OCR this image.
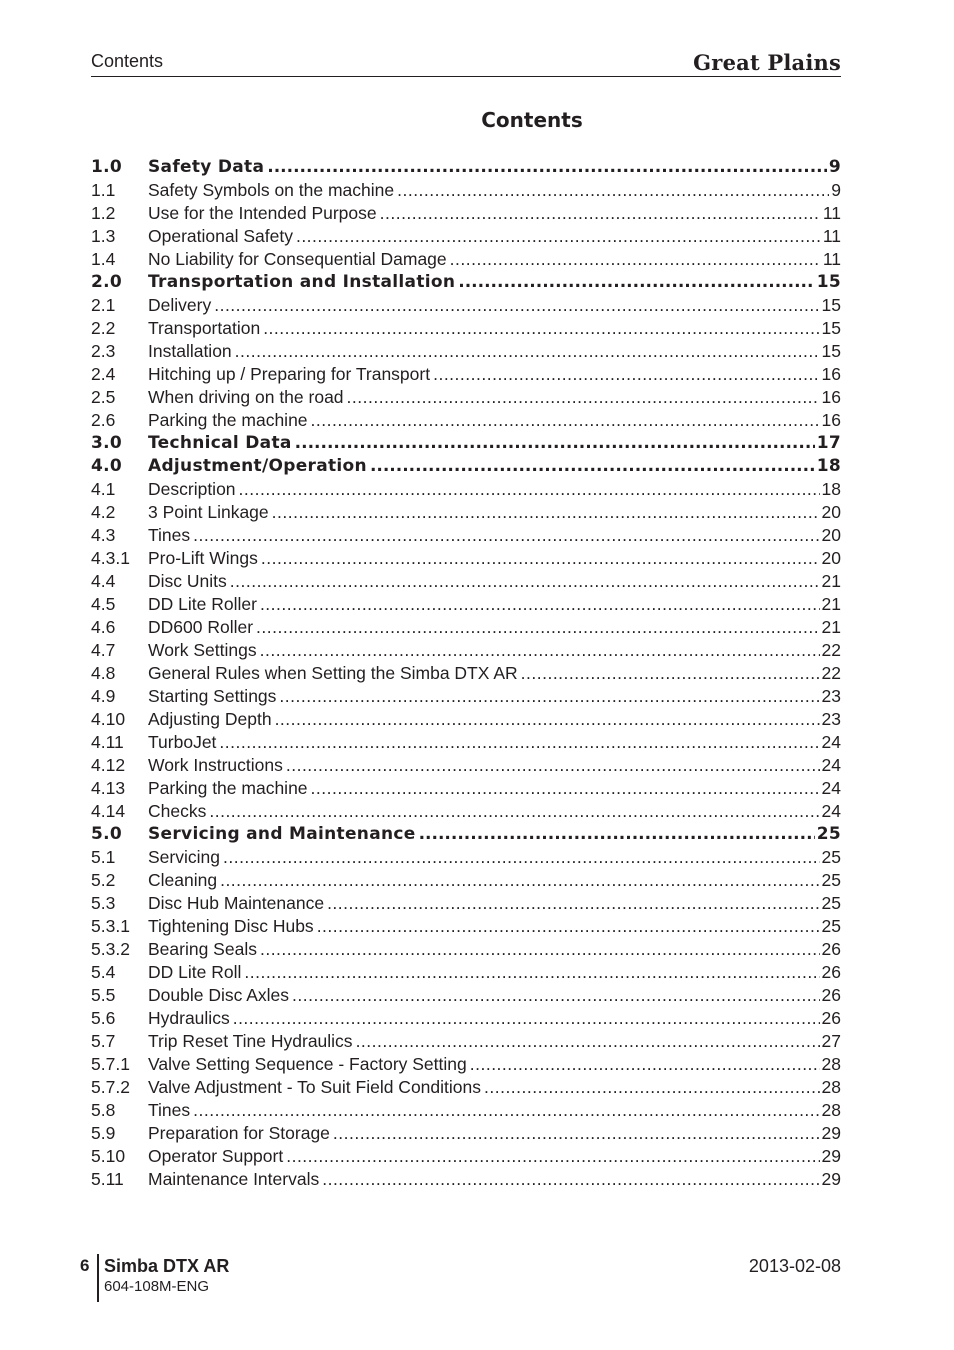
Contents	Great Plains
Contents
1.0	Safety Data .....	9
1.1	Safety Symbols on the machine .....	9
1.2	Use for the Intended Purpose .....	11
1.3	Operational Safety .....	11
1.4	No Liability for Consequential Damage .....	11
2.0	Transportation and Installation .....	15
2.1	Delivery .....	15
2.2	Transportation .....	15
2.3	Installation .....	15
2.4	Hitching up / Preparing for Transport .....	16
2.5	When driving on the road .....	16
2.6	Parking the machine .....	16
3.0	Technical Data .....	17
4.0	Adjustment/Operation .....	18
4.1	Description .....	18
4.2	3 Point Linkage .....	20
4.3	Tines .....	20
4.3.1	Pro-Lift Wings .....	20
4.4	Disc Units .....	21
4.5	DD Lite Roller .....	21
4.6	DD600 Roller .....	21
4.7	Work Settings .....	22
4.8	General Rules when Setting the Simba DTX AR .....	22
4.9	Starting Settings .....	23
4.10	Adjusting Depth .....	23
4.11	TurboJet .....	24
4.12	Work Instructions .....	24
4.13	Parking the machine .....	24
4.14	Checks .....	24
5.0	Servicing and Maintenance .....	25
5.1	Servicing .....	25
5.2	Cleaning .....	25
5.3	Disc Hub Maintenance .....	25
5.3.1	Tightening Disc Hubs .....	25
5.3.2	Bearing Seals .....	26
5.4	DD Lite Roll .....	26
5.5	Double Disc Axles .....	26
5.6	Hydraulics .....	26
5.7	Trip Reset Tine Hydraulics .....	27
5.7.1	Valve Setting Sequence - Factory Setting .....	28
5.7.2	Valve Adjustment - To Suit Field Conditions .....	28
5.8	Tines .....	28
5.9	Preparation for Storage .....	29
5.10	Operator Support .....	29
5.11	Maintenance Intervals .....	29
6 Simba DTX AR
604-108M-ENG
2013-02-08
